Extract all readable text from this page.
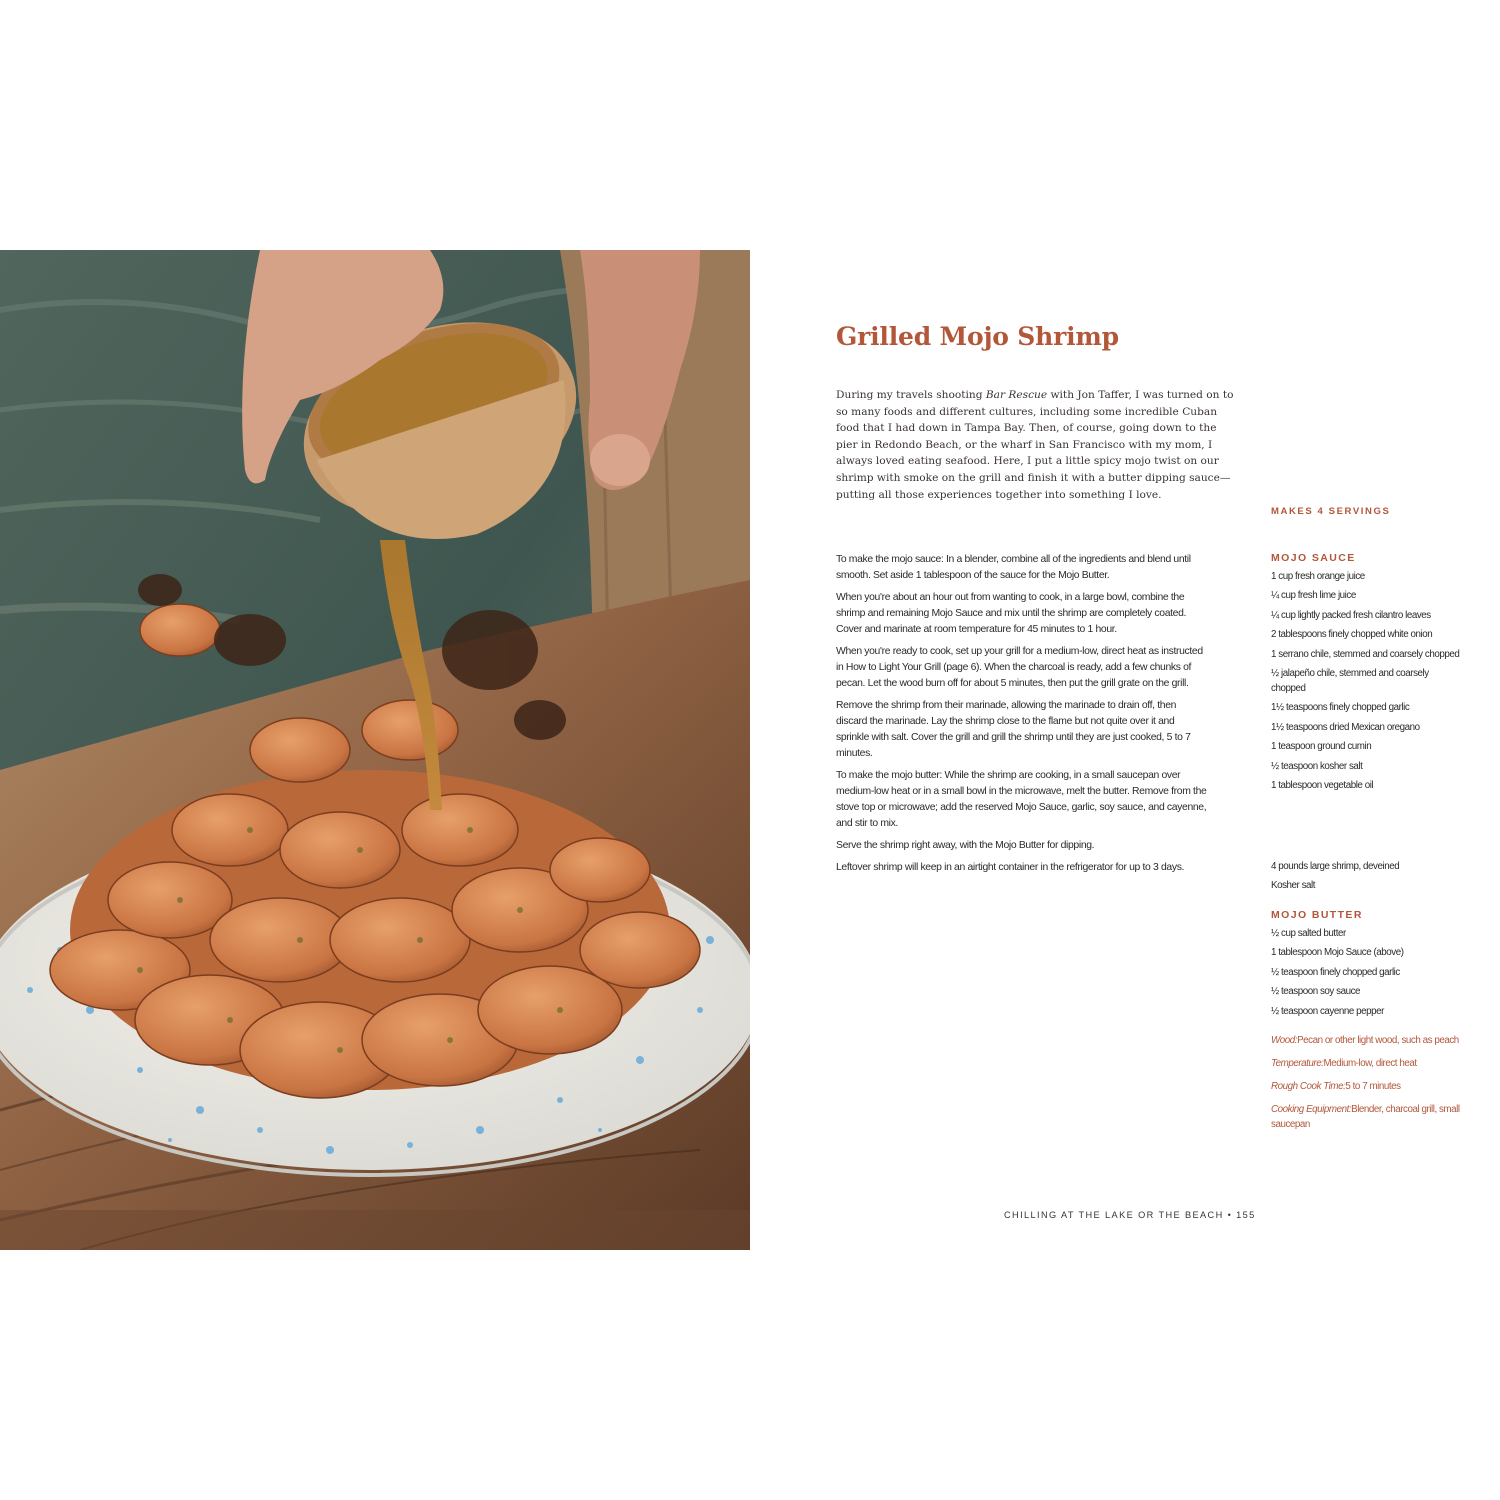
Grilled Mojo Shrimp

During my travels shooting Bar Rescue with Jon Taffer, I was turned on to so many foods and different cultures, including some incredible Cuban food that I had down in Tampa Bay. Then, of course, going down to the pier in Redondo Beach, or the wharf in San Francisco with my mom, I always loved eating seafood. Here, I put a little spicy mojo twist on our shrimp with smoke on the grill and finish it with a butter dipping sauce—putting all those experiences together into something I love.

MAKES 4 SERVINGS

To make the mojo sauce: In a blender, combine all of the ingredients and blend until smooth. Set aside 1 tablespoon of the sauce for the Mojo Butter.

When you're about an hour out from wanting to cook, in a large bowl, combine the shrimp and remaining Mojo Sauce and mix until the shrimp are completely coated. Cover and marinate at room temperature for 45 minutes to 1 hour.

When you're ready to cook, set up your grill for a medium-low, direct heat as instructed in How to Light Your Grill (page 6). When the charcoal is ready, add a few chunks of pecan. Let the wood burn off for about 5 minutes, then put the grill grate on the grill.

Remove the shrimp from their marinade, allowing the marinade to drain off, then discard the marinade. Lay the shrimp close to the flame but not quite over it and sprinkle with salt. Cover the grill and grill the shrimp until they are just cooked, 5 to 7 minutes.

To make the mojo butter: While the shrimp are cooking, in a small saucepan over medium-low heat or in a small bowl in the microwave, melt the butter. Remove from the stove top or microwave; add the reserved Mojo Sauce, garlic, soy sauce, and cayenne, and stir to mix.

Serve the shrimp right away, with the Mojo Butter for dipping.

Leftover shrimp will keep in an airtight container in the refrigerator for up to 3 days.

MOJO SAUCE
1 cup fresh orange juice
¼ cup fresh lime juice
¼ cup lightly packed fresh cilantro leaves
2 tablespoons finely chopped white onion
1 serrano chile, stemmed and coarsely chopped
½ jalapeño chile, stemmed and coarsely chopped
1½ teaspoons finely chopped garlic
1½ teaspoons dried Mexican oregano
1 teaspoon ground cumin
½ teaspoon kosher salt
1 tablespoon vegetable oil
4 pounds large shrimp, deveined
Kosher salt
MOJO BUTTER
½ cup salted butter
1 tablespoon Mojo Sauce (above)
½ teaspoon finely chopped garlic
½ teaspoon soy sauce
½ teaspoon cayenne pepper

Wood:Pecan or other light wood, such as peach

Temperature:Medium-low, direct heat

Rough Cook Time:5 to 7 minutes

Cooking Equipment:Blender, charcoal grill, small saucepan

CHILLING AT THE LAKE OR THE BEACH • 155
